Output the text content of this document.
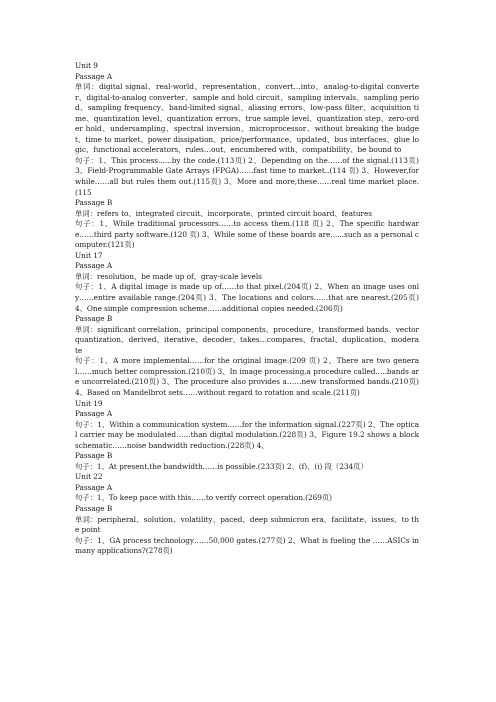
Unit 9
Passage A
单词：digital signal、real-world、representation、convert…into、analog-to-digital converter、digital-to-analog converter、sample and hold circuit、sampling intervals、sampling period、sampling frequency、band-limited signal、aliasing errors、low-pass filter、acquisition time、quantization level、quantization errors、true sample level、quantization step、zero-order hold、undersampling、spectral inversion、microprocessor、without breaking the budget、time to market、power dissipation、price/performance、updated、bus interfaces、glue logic、functional accelerators、rules…out、encumbered with、compatibility、be bound to
句子：1、This process......by the code.(113页) 2、Depending on the……of the signal.(113页) 3、Field-Programmable Gate Arrays (FPGA)……fast time to market..(114 页) 3、However,for while……all but rules them out.(115页) 3、More and more,these……real time market place.(115
Passage B
单词：refers to、integrated circuit、incorporate、printed circuit board、features
句子：1、While traditional processors……to access them.(118 页) 2、The specific hardware……third party software.(120 页) 3、While some of these boards are......such as a personal computer.(121页)
Unit 17
Passage A
单词：resolution、be made up of、gray-scale levels
句子：1、A digital image is made up of……to that pixel.(204页) 2、When an image uses only……entire available range.(204页) 3、The locations and colors……that are nearest.(205页) 4、One simple compression scheme……additional copies needed.(206页)
Passage B
单词：significant correlation、principal components、procedure、transformed bands、vector quantization、derived、iterative、decoder、takes…compares、fractal、duplication、moderate
句子：1、A more implemental……for the original image.(209 页) 2、There are two general……much better compression.(210页) 3、In image processing,a procedure called.....bands are uncorrelated.(210页) 3、The procedure also provides a……new transformed bands.(210页) 4、Based on Mandelbrot sets……without regard to rotation and scale.(211页)
Unit 19
Passage A
句子：1、Within a communication system……for the information signal.(227页) 2、The optical carrier may be modulated……than digital modulation.(228页) 3、Figure 19.2 shows a block schematic……noise bandwidth reduction.(228页) 4、
Passage B
句子：1、At present,the bandwidth……is possible.(233页) 2、(f)、(i) 段（234页）
Unit 22
Passage A
句子：1、To keep pace with this……to verify correct operation.(269页)
Passage B
单词：peripheral、solution、volatility、paced、deep submicron era、facilitate、issues、to the point
句子：1、GA process technology……50,000 gates.(277页) 2、What is fueling the ……ASICs in many applications?(278页)
